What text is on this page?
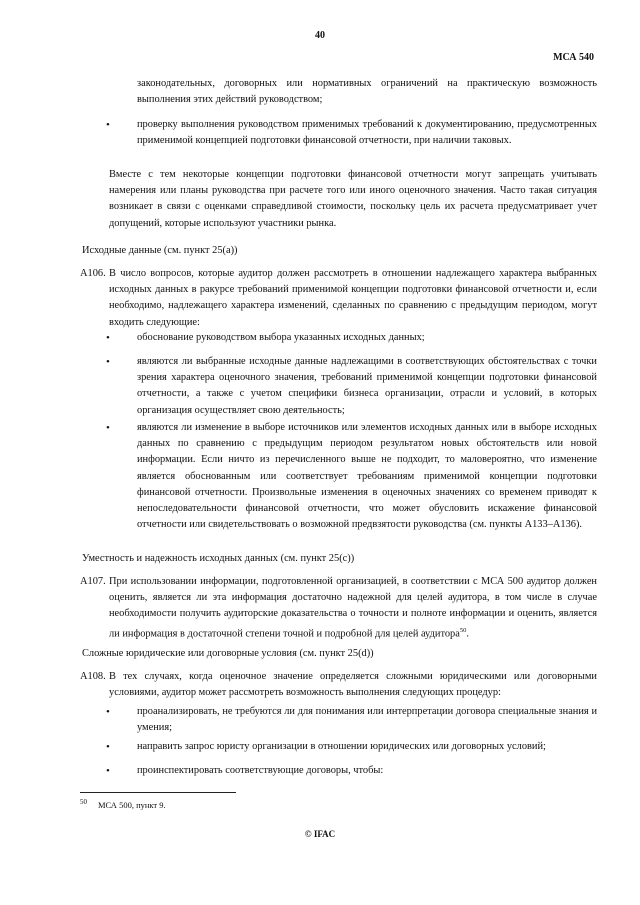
40
МСА 540
законодательных, договорных или нормативных ограничений на практическую возможность выполнения этих действий руководством;
•	проверку выполнения руководством применимых требований к документированию, предусмотренных применимой концепцией подготовки финансовой отчетности, при наличии таковых.
Вместе с тем некоторые концепции подготовки финансовой отчетности могут запрещать учитывать намерения или планы руководства при расчете того или иного оценочного значения. Часто такая ситуация возникает в связи с оценками справедливой стоимости, поскольку цель их расчета предусматривает учет допущений, которые используют участники рынка.
Исходные данные (см. пункт 25(a))
A106. В число вопросов, которые аудитор должен рассмотреть в отношении надлежащего характера выбранных исходных данных в ракурсе требований применимой концепции подготовки финансовой отчетности и, если необходимо, надлежащего характера изменений, сделанных по сравнению с предыдущим периодом, могут входить следующие:
•	обоснование руководством выбора указанных исходных данных;
•	являются ли выбранные исходные данные надлежащими в соответствующих обстоятельствах с точки зрения характера оценочного значения, требований применимой концепции подготовки финансовой отчетности, а также с учетом специфики бизнеса организации, отрасли и условий, в которых организация осуществляет свою деятельность;
•	являются ли изменение в выборе источников или элементов исходных данных или в выборе исходных данных по сравнению с предыдущим периодом результатом новых обстоятельств или новой информации. Если ничто из перечисленного выше не подходит, то маловероятно, что изменение является обоснованным или соответствует требованиям применимой концепции подготовки финансовой отчетности. Произвольные изменения в оценочных значениях со временем приводят к непоследовательности финансовой отчетности, что может обусловить искажение финансовой отчетности или свидетельствовать о возможной предвзятости руководства (см. пункты A133–A136).
Уместность и надежность исходных данных (см. пункт 25(c))
A107. При использовании информации, подготовленной организацией, в соответствии с МСА 500 аудитор должен оценить, является ли эта информация достаточно надежной для целей аудитора, в том числе в случае необходимости получить аудиторские доказательства о точности и полноте информации и оценить, является ли информация в достаточной степени точной и подробной для целей аудитора$^{50}$.
Сложные юридические или договорные условия (см. пункт 25(d))
A108. В тех случаях, когда оценочное значение определяется сложными юридическими или договорными условиями, аудитор может рассмотреть возможность выполнения следующих процедур:
•	проанализировать, не требуются ли для понимания или интерпретации договора специальные знания и умения;
•	направить запрос юристу организации в отношении юридических или договорных условий;
•	проинспектировать соответствующие договоры, чтобы:
50 МСА 500, пункт 9.
© IFAC
